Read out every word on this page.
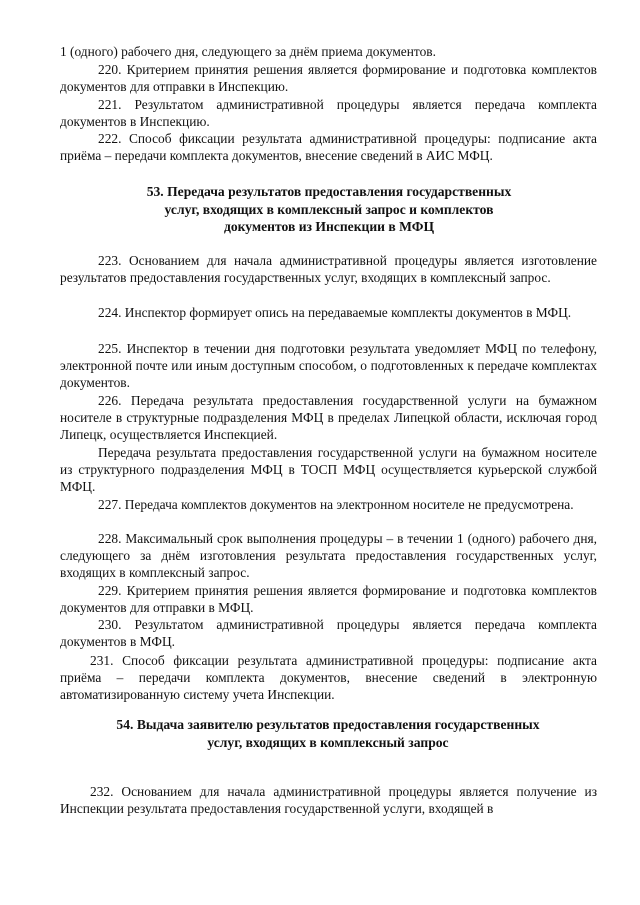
1 (одного) рабочего дня, следующего за днём приема документов.

220. Критерием принятия решения является формирование и подготовка комплектов документов для отправки в Инспекцию.

221. Результатом административной процедуры является передача комплекта документов в Инспекцию.

222. Способ фиксации результата административной процедуры: подписание акта приёма – передачи комплекта документов, внесение сведений в АИС МФЦ.

53. Передача результатов предоставления государственных услуг, входящих в комплексный запрос и комплектов документов из Инспекции в МФЦ

223. Основанием для начала административной процедуры является изготовление результатов предоставления государственных услуг, входящих в комплексный запрос.

224. Инспектор формирует опись на передаваемые комплекты документов в МФЦ.

225. Инспектор в течении дня подготовки результата уведомляет МФЦ по телефону, электронной почте или иным доступным способом, о подготовленных к передаче комплектах документов.

226. Передача результата предоставления государственной услуги на бумажном носителе в структурные подразделения МФЦ в пределах Липецкой области, исключая город Липецк, осуществляется Инспекцией.

Передача результата предоставления государственной услуги на бумажном носителе из структурного подразделения МФЦ в ТОСП МФЦ осуществляется курьерской службой МФЦ.

227. Передача комплектов документов на электронном носителе не предусмотрена.

228. Максимальный срок выполнения процедуры – в течении 1 (одного) рабочего дня, следующего за днём изготовления результата предоставления государственных услуг, входящих в комплексный запрос.

229. Критерием принятия решения является формирование и подготовка комплектов документов для отправки в МФЦ.

230. Результатом административной процедуры является передача комплекта документов в МФЦ.

231. Способ фиксации результата административной процедуры: подписание акта приёма – передачи комплекта документов, внесение сведений в электронную автоматизированную систему учета Инспекции.

54. Выдача заявителю результатов предоставления государственных услуг, входящих в комплексный запрос

232. Основанием для начала административной процедуры является получение из Инспекции результата предоставления государственной услуги, входящей в
